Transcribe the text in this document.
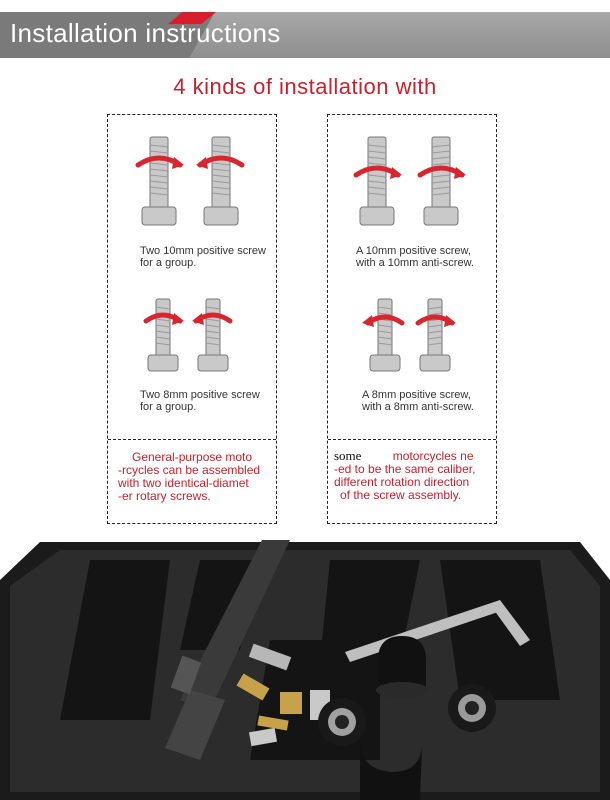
Installation instructions
4 kinds of installation with
Two 10mm positive screw
for a group.
Two 8mm positive screw
for a group.
General-purpose moto
-rcycles can be assembled
with two identical-diamet
-er rotary screws.
A 10mm positive screw,
with a 10mm anti-screw.
A 8mm positive screw,
with a 8mm anti-screw.
some	motorcycles ne
-ed to be the same caliber,
different rotation direction
of the screw assembly.
